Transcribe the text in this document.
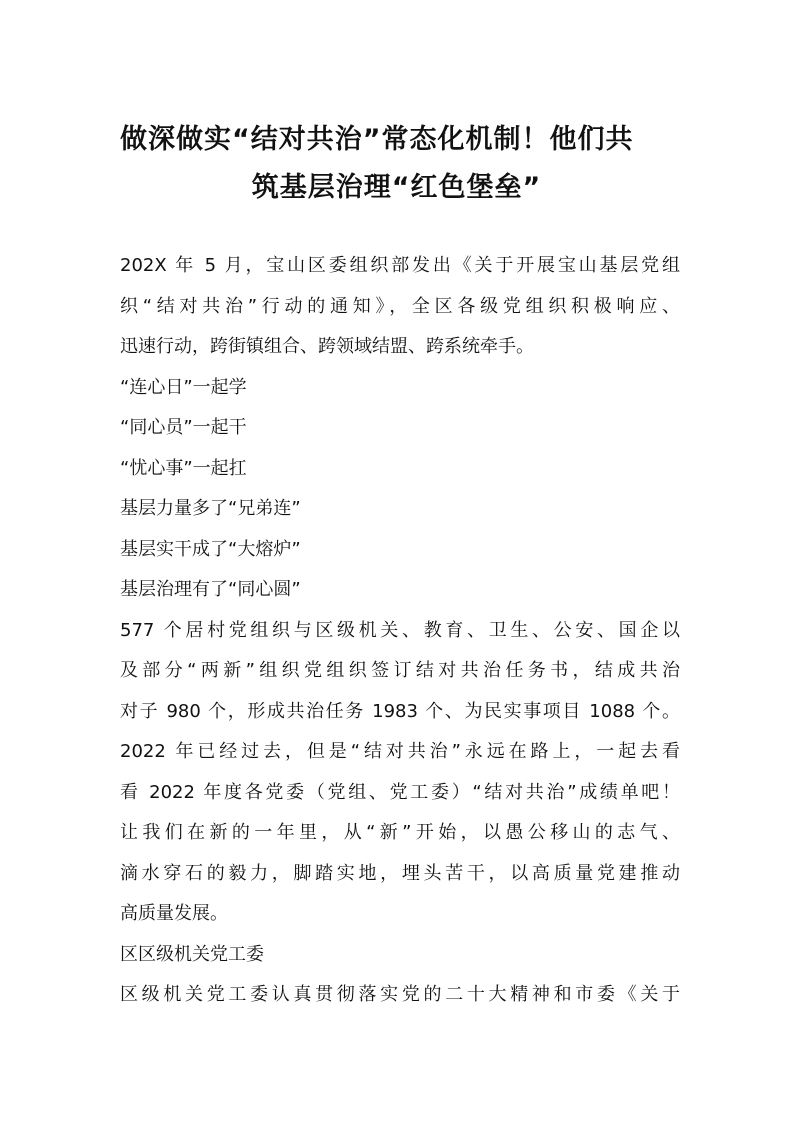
做深做实“结对共治”常态化机制！他们共
筑基层治理“红色堡垒”
202X 年 5 月，宝山区委组织部发出《关于开展宝山基层党组
织“结对共治”行动的通知》，全区各级党组织积极响应、
迅速行动，跨街镇组合、跨领域结盟、跨系统牵手。
“连心日”一起学
“同心员”一起干
“忧心事”一起扛
基层力量多了“兄弟连”
基层实干成了“大熔炉”
基层治理有了“同心圆”
577 个居村党组织与区级机关、教育、卫生、公安、国企以
及部分“两新”组织党组织签订结对共治任务书，结成共治
对子 980 个，形成共治任务 1983 个、为民实事项目 1088 个。
2022 年已经过去，但是“结对共治”永远在路上，一起去看
看 2022 年度各党委（党组、党工委）“结对共治”成绩单吧！
让我们在新的一年里，从“新”开始，以愚公移山的志气、
滴水穿石的毅力，脚踏实地，埋头苦干，以高质量党建推动
高质量发展。
区区级机关党工委
区级机关党工委认真贯彻落实党的二十大精神和市委《关于
